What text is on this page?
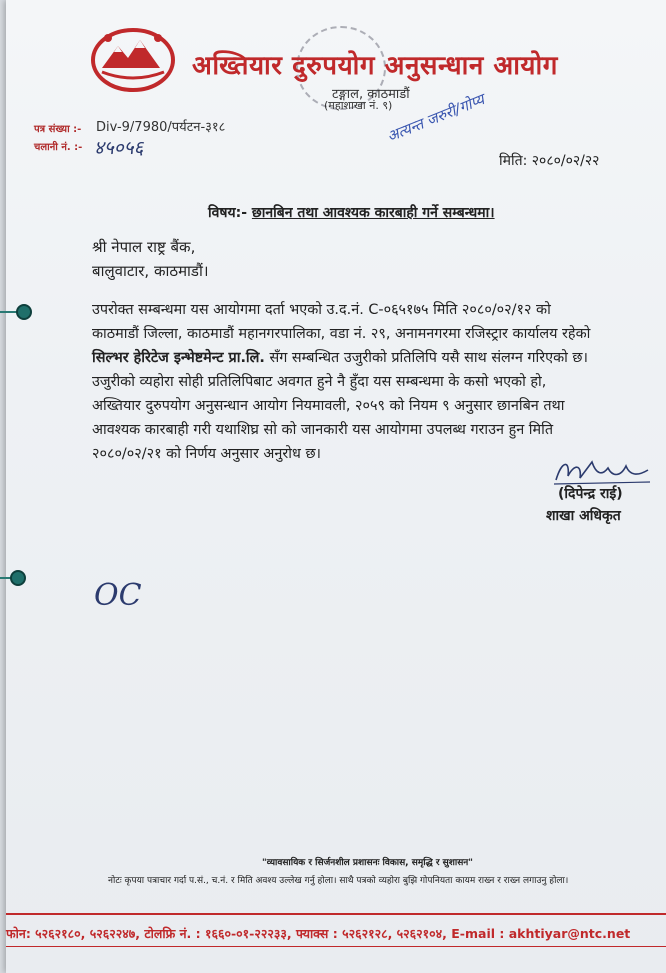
अख्तियार दुरुपयोग अनुसन्धान आयोग
टङ्गाल, काठमाडौं
(महाशाखा नं. ९)
पत्र संख्या :- Div-9/7980/पर्यटन-३१८
चलानी नं. :- ४५०५६
अत्यन्त जरुरी/गोप्य
मिति: २०८०/०२/२२
विषय:- छानबिन तथा आवश्यक कारबाही गर्ने सम्बन्धमा।
श्री नेपाल राष्ट्र बैंक,
बालुवाटार, काठमाडौं।
उपरोक्त सम्बन्धमा यस आयोगमा दर्ता भएको उ.द.नं. C-०६५१७५ मिति २०८०/०२/१२ को
काठमाडौं जिल्ला, काठमाडौं महानगरपालिका, वडा नं. २९, अनामनगरमा रजिस्ट्रार कार्यालय रहेको
सिल्भर हेरिटेज इन्भेष्टमेन्ट प्रा.लि. सँग सम्बन्धित उजुरीको प्रतिलिपि यसै साथ संलग्न गरिएको छ।
उजुरीको व्यहोरा सोही प्रतिलिपिबाट अवगत हुने नै हुँदा यस सम्बन्धमा के कसो भएको हो,
अख्तियार दुरुपयोग अनुसन्धान आयोग नियमावली, २०५९ को नियम ९ अनुसार छानबिन तथा
आवश्यक कारबाही गरी यथाशिघ्र सो को जानकारी यस आयोगमा उपलब्ध गराउन हुन मिति
२०८०/०२/२१ को निर्णय अनुसार अनुरोध छ।
(दिपेन्द्र राई)
शाखा अधिकृत
OC
"व्यावसायिक र सिर्जनशील प्रशासनः विकास, समृद्धि र सुशासन"
नोटः कृपया पत्राचार गर्दा प.सं., च.नं. र मिति अवश्य उल्लेख गर्नु होला। साथै पत्रको व्यहोरा बुझि गोपनियता कायम राख्न र राख्न लगाउनु होला।
फोन: ५२६२१८०, ५२६२२४७, टोलफ्रि नं. : १६६०-०१-२२२३३, फ्याक्स : ५२६२१२८, ५२६२१०४, E-mail : akhtiyar@ntc.net
